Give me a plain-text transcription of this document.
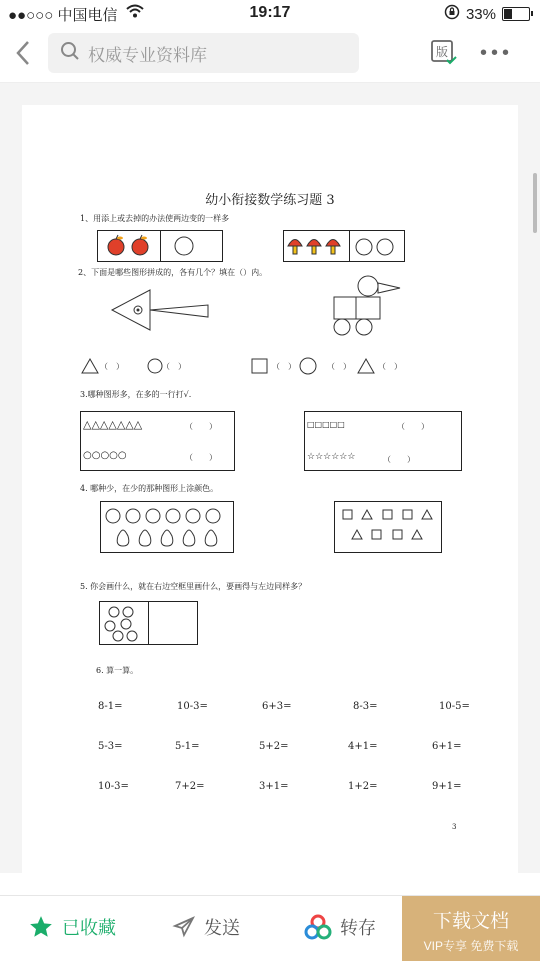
●●○○○ 中国电信	19:17	33%
权威专业资料库	版 •••
幼小衔接数学练习题 3
1、用添上或去掉的办法使两边变的一样多
2、下面是哪些图形拼成的，各有几个？填在（）内。
（　）	（　）	（　）	（　）	（　）
3.哪种图形多，在多的一行打√.
△△△△△△△	（　　）
○○○○○	（　　）
□□□□□	（　　）
☆☆☆☆☆☆	（　　）
4. 哪种少，在少的那种图形上涂颜色。
5. 你会画什么，就在右边空框里画什么，要画得与左边同样多？
6. 算一算。
8-1=	10-3=	6+3=	8-3=	10-5=
5-3=	5-1=	5+2=	4+1=	6+1=
10-3=	7+2=	3+1=	1+2=	9+1=
3
已收藏	发送	转存	下载文档
VIP专享 免费下载
